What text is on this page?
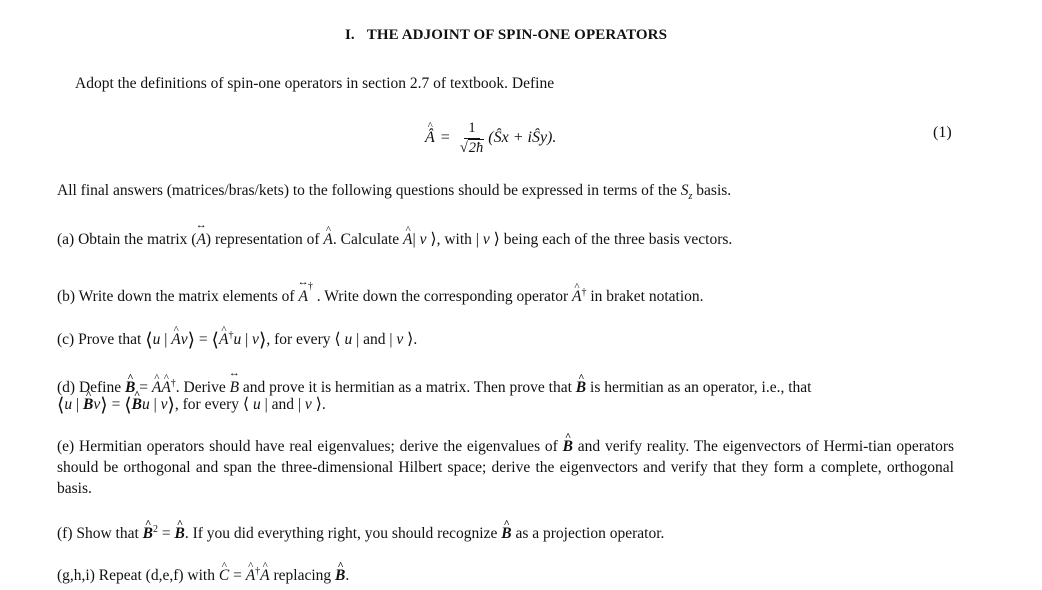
I. THE ADJOINT OF SPIN-ONE OPERATORS
Adopt the definitions of spin-one operators in section 2.7 of textbook. Define
Â ^ = $\frac{1}{√2ħ}$ (Ŝx + iŜy).	(1)
All final answers (matrices/bras/kets) to the following questions should be expressed in terms of the $S_z$ basis.
(a) Obtain the matrix (↔ A) representation of A ^. Calculate A ^| v ⟩, with | v ⟩ being each of the three basis vectors.
(b) Write down the matrix elements of ↔ A† . Write down the corresponding operator A ^† in braket notation.
(c) Prove that ⟨u | A ^v⟩ = ⟨A ^†u | v⟩, for every ⟨ u | and | v ⟩.
(d) Define B ^ = A ^A ^†. Derive ↔ B and prove it is hermitian as a matrix. Then prove that B ^ is hermitian as an operator, i.e., that
⟨u | B ^v⟩ = ⟨B ^u | v⟩, for every ⟨ u | and | v ⟩.
(e) Hermitian operators should have real eigenvalues; derive the eigenvalues of B ^ and verify reality. The eigenvectors of Hermi-tian operators should be orthogonal and span the three-dimensional Hilbert space; derive the eigenvectors and verify that they form a complete, orthogonal basis.
(f) Show that B ^$^2$ = B ^. If you did everything right, you should recognize B ^ as a projection operator.
(g,h,i) Repeat (d,e,f) with C ^ = A ^†A ^ replacing B ^.
